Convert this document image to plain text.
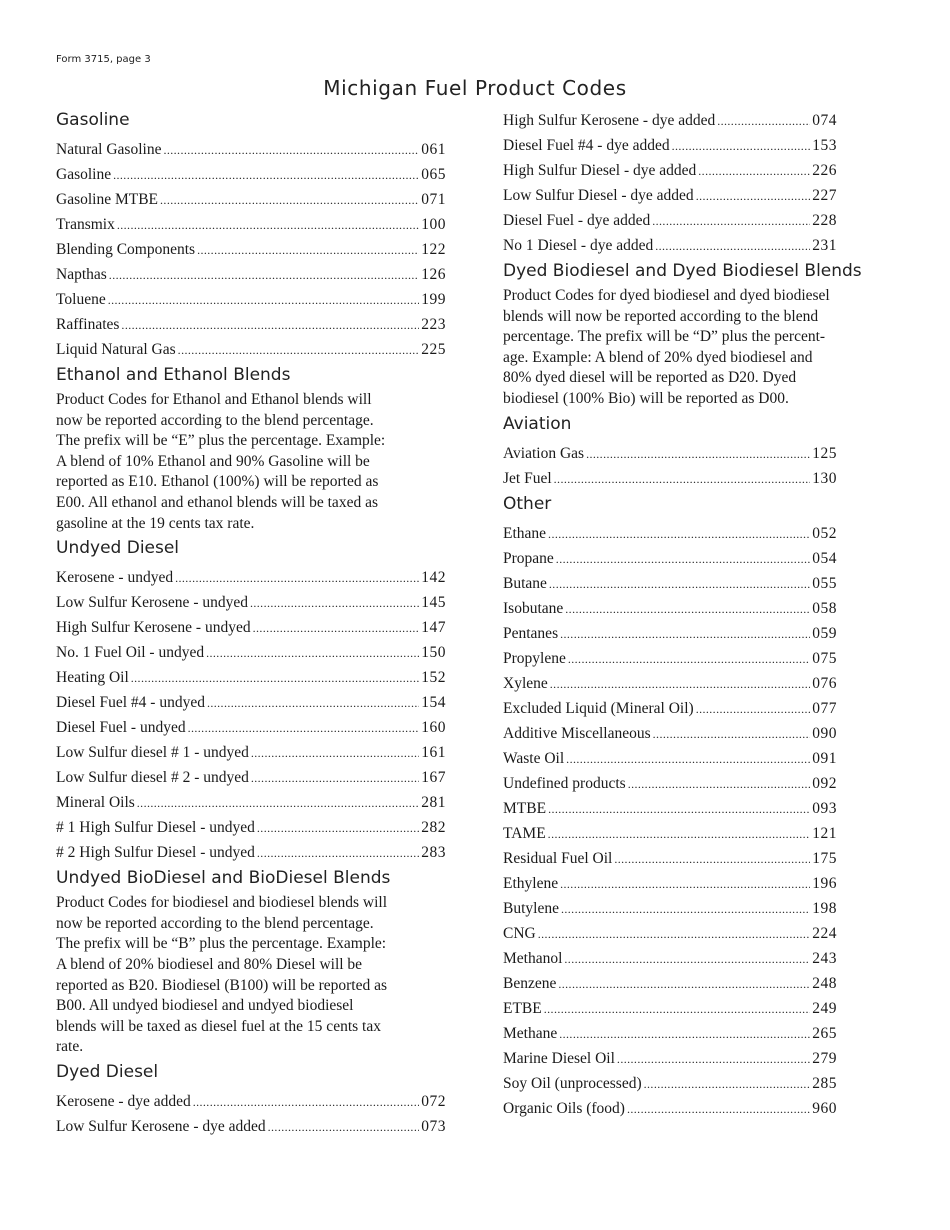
Form 3715, page 3
Michigan Fuel Product Codes
Gasoline
Natural Gasoline .....	061
Gasoline .....	065
Gasoline MTBE .....	071
Transmix .....	100
Blending Components .....	122
Napthas .....	126
Toluene .....	199
Raffinates .....	223
Liquid Natural Gas .....	225
Ethanol and Ethanol Blends
Product Codes for Ethanol and Ethanol blends will
now be reported according to the blend percentage.
The prefix will be “E” plus the percentage. Example:
A blend of 10% Ethanol and 90% Gasoline will be
reported as E10. Ethanol (100%) will be reported as
E00. All ethanol and ethanol blends will be taxed as
gasoline at the 19 cents tax rate.
Undyed Diesel
Kerosene - undyed .....	142
Low Sulfur Kerosene - undyed .....	145
High Sulfur Kerosene - undyed .....	147
No. 1 Fuel Oil - undyed .....	150
Heating Oil .....	152
Diesel Fuel #4 - undyed .....	154
Diesel Fuel - undyed .....	160
Low Sulfur diesel # 1 - undyed .....	161
Low Sulfur diesel # 2 - undyed .....	167
Mineral Oils .....	281
# 1 High Sulfur Diesel - undyed .....	282
# 2 High Sulfur Diesel - undyed .....	283
Undyed BioDiesel and BioDiesel Blends
Product Codes for biodiesel and biodiesel blends will
now be reported according to the blend percentage.
The prefix will be “B” plus the percentage. Example:
A blend of 20% biodiesel and 80% Diesel will be
reported as B20. Biodiesel (B100) will be reported as
B00. All undyed biodiesel and undyed biodiesel
blends will be taxed as diesel fuel at the 15 cents tax
rate.
Dyed Diesel
Kerosene - dye added .....	072
Low Sulfur Kerosene - dye added .....	073
High Sulfur Kerosene - dye added .....	074
Diesel Fuel #4 - dye added .....	153
High Sulfur Diesel - dye added .....	226
Low Sulfur Diesel - dye added .....	227
Diesel Fuel - dye added .....	228
No 1 Diesel - dye added .....	231
Dyed Biodiesel and Dyed Biodiesel Blends
Product Codes for dyed biodiesel and dyed biodiesel
blends will now be reported according to the blend
percentage. The prefix will be “D” plus the percent-
age. Example: A blend of 20% dyed biodiesel and
80% dyed diesel will be reported as D20. Dyed
biodiesel (100% Bio) will be reported as D00.
Aviation
Aviation Gas .....	125
Jet Fuel .....	130
Other
Ethane .....	052
Propane .....	054
Butane .....	055
Isobutane .....	058
Pentanes .....	059
Propylene .....	075
Xylene .....	076
Excluded Liquid (Mineral Oil) .....	077
Additive Miscellaneous .....	090
Waste Oil .....	091
Undefined products .....	092
MTBE .....	093
TAME .....	121
Residual Fuel Oil .....	175
Ethylene .....	196
Butylene .....	198
CNG .....	224
Methanol .....	243
Benzene .....	248
ETBE .....	249
Methane .....	265
Marine Diesel Oil .....	279
Soy Oil (unprocessed) .....	285
Organic Oils (food) .....	960
